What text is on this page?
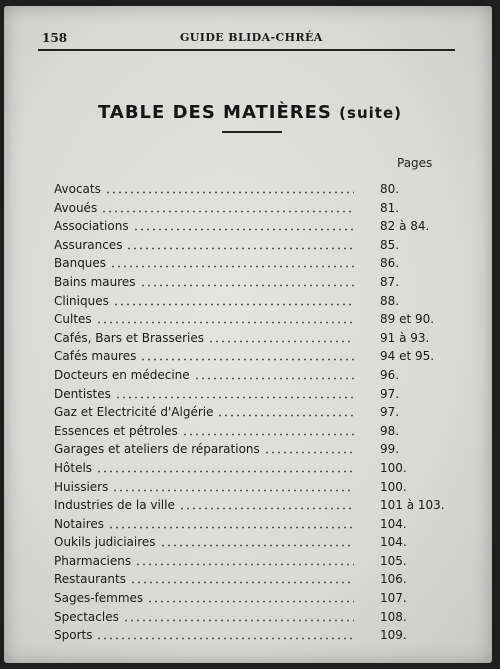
158	GUIDE BLIDA-CHRÉA
TABLE DES MATIÈRES (suite)
Pages
Avocats	80.
Avoués	81.
Associations	82 à 84.
Assurances	85.
Banques	86.
Bains maures	87.
Cliniques	88.
Cultes	89 et 90.
Cafés, Bars et Brasseries	91 à 93.
Cafés maures	94 et 95.
Docteurs en médecine	96.
Dentistes	97.
Gaz et Electricité d'Algérie	97.
Essences et pétroles	98.
Garages et ateliers de réparations	99.
Hôtels	100.
Huissiers	100.
Industries de la ville	101 à 103.
Notaires	104.
Oukils judiciaires	104.
Pharmaciens	105.
Restaurants	106.
Sages-femmes	107.
Spectacles	108.
Sports	109.
